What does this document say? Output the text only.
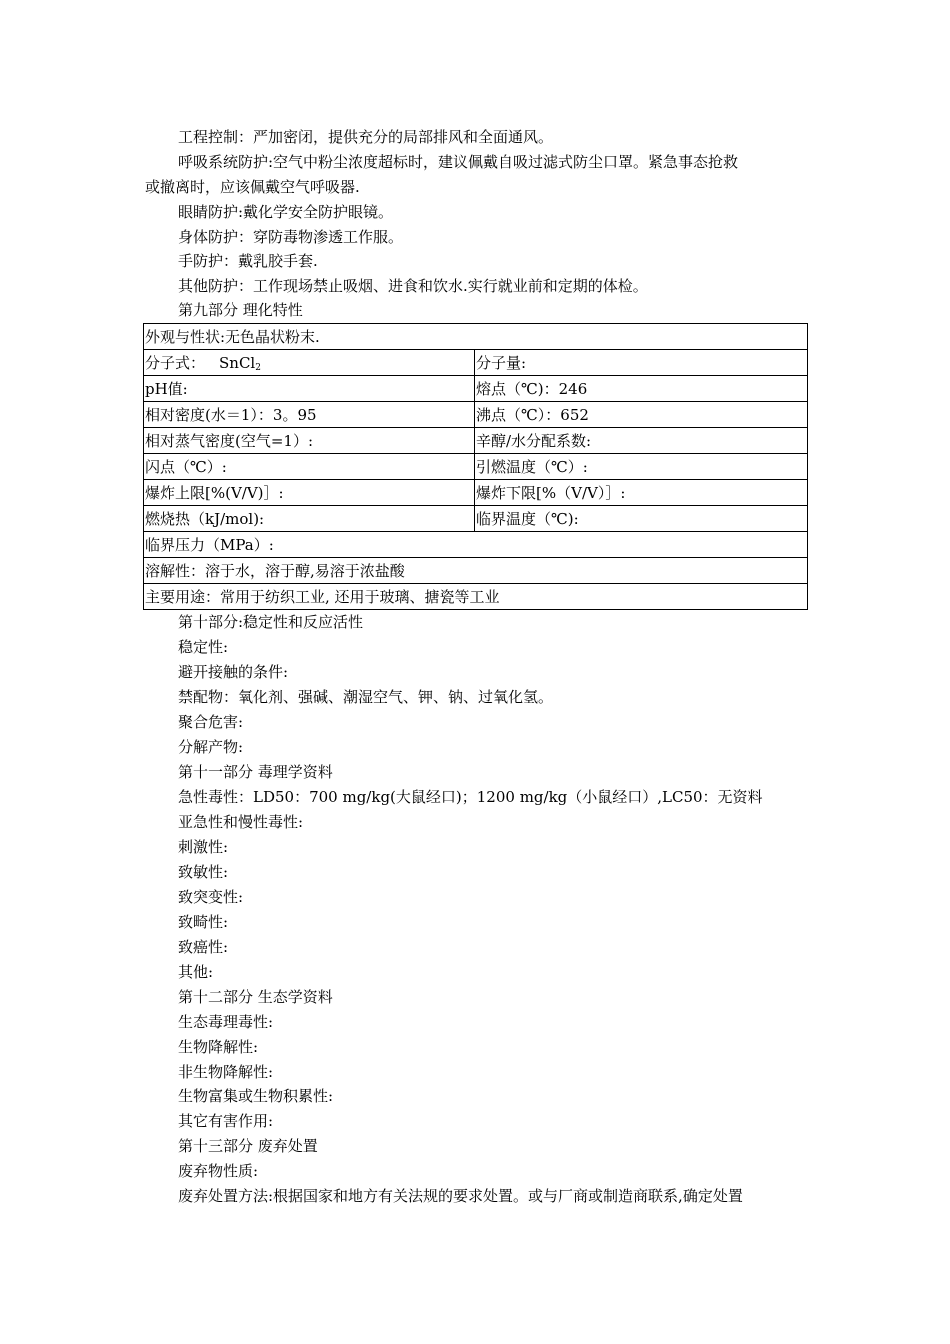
工程控制：严加密闭，提供充分的局部排风和全面通风。
呼吸系统防护:空气中粉尘浓度超标时，建议佩戴自吸过滤式防尘口罩。紧急事态抢救
或撤离时，应该佩戴空气呼吸器.
眼睛防护:戴化学安全防护眼镜。
身体防护：穿防毒物渗透工作服。
手防护：戴乳胶手套.
其他防护：工作现场禁止吸烟、进食和饮水.实行就业前和定期的体检。
第九部分 理化特性
外观与性状:无色晶状粉末.	
分子式： SnCl$_2$	分子量:
pH值:	熔点（℃)：246
相对密度(水＝1）：3。95	沸点（℃）：652
相对蒸气密度(空气=1）:	辛醇/水分配系数:
闪点（℃）:	引燃温度（℃）:
爆炸上限[%(V/V)］:	爆炸下限[%（V/V）］:
燃烧热（kJ/mol):	临界温度（℃):
临界压力（MPa）:	
溶解性：溶于水，溶于醇,易溶于浓盐酸	
主要用途：常用于纺织工业, 还用于玻璃、搪瓷等工业	
第十部分:稳定性和反应活性
稳定性:
避开接触的条件:
禁配物：氧化剂、强碱、潮湿空气、钾、钠、过氧化氢。
聚合危害:
分解产物:
第十一部分 毒理学资料
急性毒性：LD50：700 mg/kg(大鼠经口)；1200 mg/kg（小鼠经口）,LC50：无资料
亚急性和慢性毒性:
刺激性:
致敏性:
致突变性:
致畸性:
致癌性:
其他:
第十二部分 生态学资料
生态毒理毒性:
生物降解性:
非生物降解性:
生物富集或生物积累性:
其它有害作用:
第十三部分 废弃处置
废弃物性质:
废弃处置方法:根据国家和地方有关法规的要求处置。或与厂商或制造商联系,确定处置
